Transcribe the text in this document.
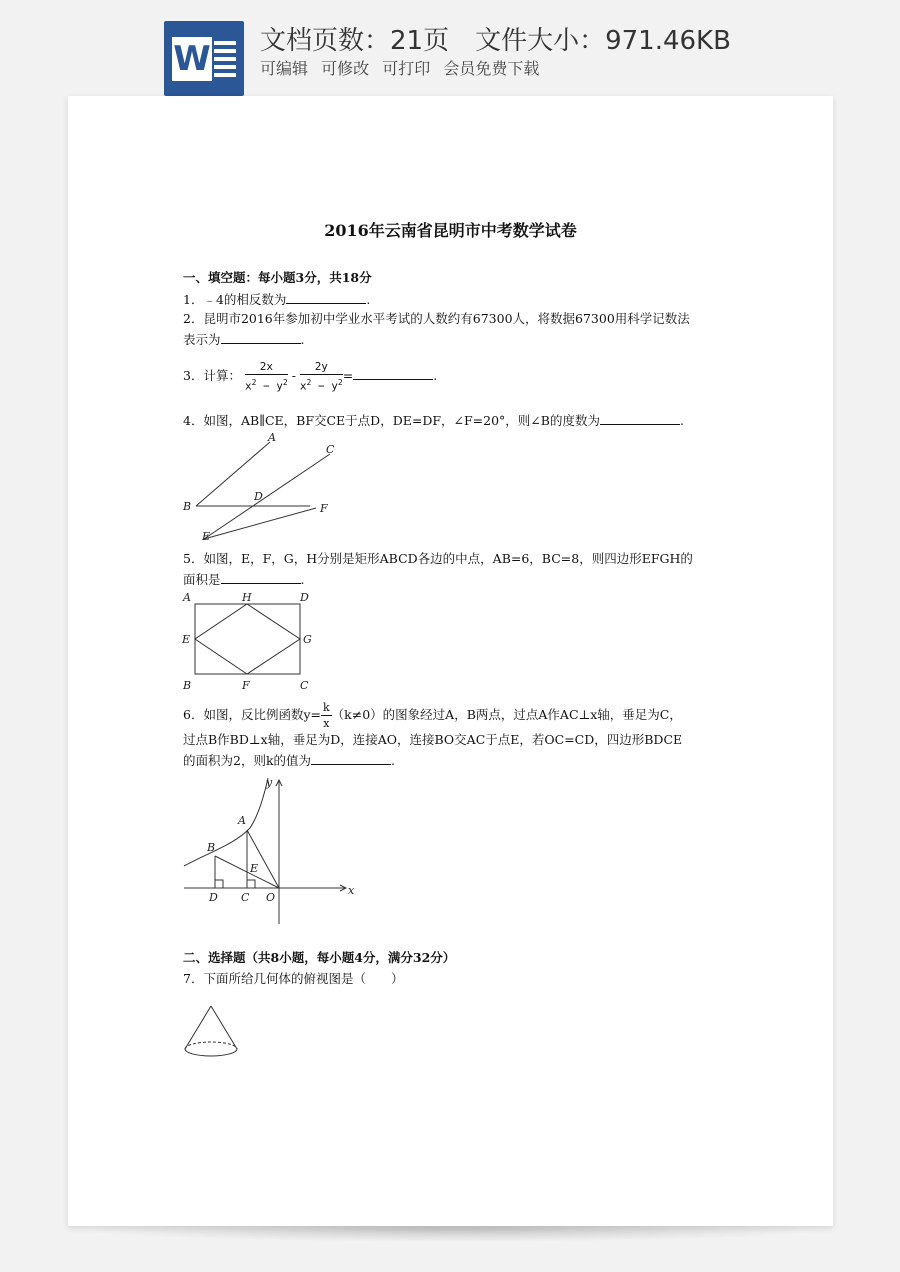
W 文档页数：21页　文件大小：971.46KB
可编辑 可修改 可打印 会员免费下载
2016年云南省昆明市中考数学试卷
一、填空题：每小题3分，共18分
1．﹣4的相反数为	.
2．昆明市2016年参加初中学业水平考试的人数约有67300人，将数据67300用科学记数法
表示为	.
3．计算： $\frac{2x}{x^2 - y^2} - \frac{2y}{x^2 - y^2}$ =	.
4．如图，AB∥CE，BF交CE于点D，DE=DF，∠F=20°，则∠B的度数为	.
A
C
B
D
F
E
5．如图，E，F，G，H分别是矩形ABCD各边的中点，AB=6，BC=8，则四边形EFGH的
面积是	.
A	H	D
E	G
B	F	C
6．如图，反比例函数$y= \frac{k}{x} (k\ne 0)$的图象经过A，B两点，过点A作AC⊥x轴，垂足为C，
过点B作BD⊥x轴，垂足为D，连接AO，连接BO交AC于点E，若OC=CD，四边形BDCE
的面积为2，则k的值为	.
y
x
A
B
E
D C O
二、选择题（共8小题，每小题4分，满分32分）
7．下面所给几何体的俯视图是（　　）
